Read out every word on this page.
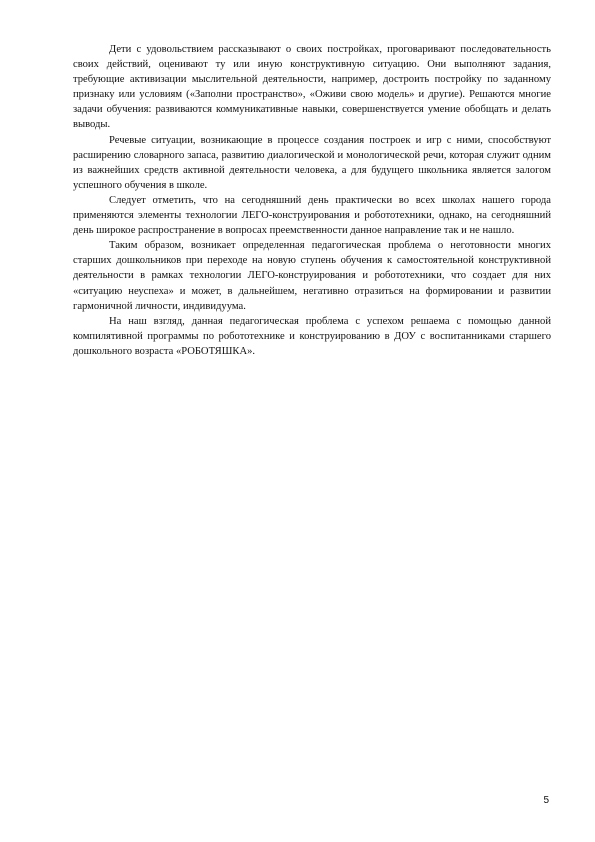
Дети с удовольствием рассказывают о своих постройках, проговаривают последовательность своих действий, оценивают ту или иную конструктивную ситуацию. Они выполняют задания, требующие активизации мыслительной деятельности, например, достроить постройку по заданному признаку или условиям («Заполни пространство», «Оживи свою модель» и другие). Решаются многие задачи обучения: развиваются коммуникативные навыки, совершенствуется умение обобщать и делать выводы.

Речевые ситуации, возникающие в процессе создания построек и игр с ними, способствуют расширению словарного запаса, развитию диалогической и монологической речи, которая служит одним из важнейших средств активной деятельности человека, а для будущего школьника является залогом успешного обучения в школе.

Следует отметить, что на сегодняшний день практически во всех школах нашего города применяются элементы технологии ЛЕГО-конструирования и робототехники, однако, на сегодняшний день широкое распространение в вопросах преемственности данное направление так и не нашло.

Таким образом, возникает определенная педагогическая проблема о неготовности многих старших дошкольников при переходе на новую ступень обучения к самостоятельной конструктивной деятельности в рамках технологии ЛЕГО-конструирования и робототехники, что создает для них «ситуацию неуспеха» и может, в дальнейшем, негативно отразиться на формировании и развитии гармоничной личности, индивидуума.

На наш взгляд, данная педагогическая проблема с успехом решаема с помощью данной компилятивной программы по робототехнике и конструированию в ДОУ с воспитанниками старшего дошкольного возраста «РОБОТЯШКА».

5
